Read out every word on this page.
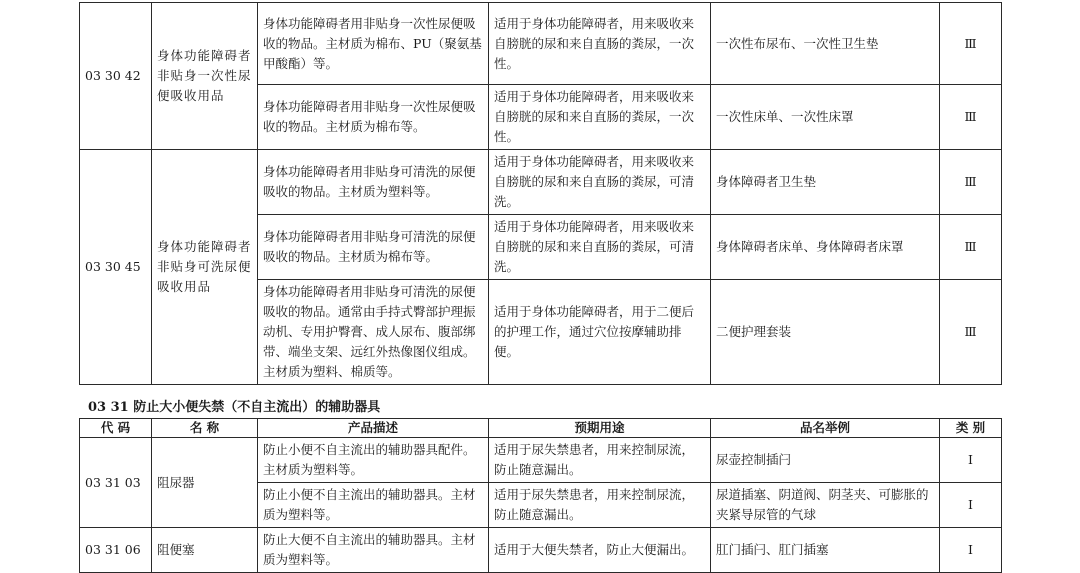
03 30 42	身体功能障碍者非贴身一次性尿便吸收用品	身体功能障碍者用非贴身一次性尿便吸收的物品。主材质为棉布、PU（聚氨基甲酸酯）等。	适用于身体功能障碍者，用来吸收来自膀胱的尿和来自直肠的粪尿，一次性。	一次性布尿布、一次性卫生垫	Ⅲ
		身体功能障碍者用非贴身一次性尿便吸收的物品。主材质为棉布等。	适用于身体功能障碍者，用来吸收来自膀胱的尿和来自直肠的粪尿，一次性。	一次性床单、一次性床罩	Ⅲ
03 30 45	身体功能障碍者非贴身可洗尿便吸收用品	身体功能障碍者用非贴身可清洗的尿便吸收的物品。主材质为塑料等。	适用于身体功能障碍者，用来吸收来自膀胱的尿和来自直肠的粪尿，可清洗。	身体障碍者卫生垫	Ⅲ
		身体功能障碍者用非贴身可清洗的尿便吸收的物品。主材质为棉布等。	适用于身体功能障碍者，用来吸收来自膀胱的尿和来自直肠的粪尿，可清洗。	身体障碍者床单、身体障碍者床罩	Ⅲ
		身体功能障碍者用非贴身可清洗的尿便吸收的物品。通常由手持式臀部护理振动机、专用护臀膏、成人尿布、腹部绑带、端坐支架、远红外热像图仪组成。主材质为塑料、棉质等。	适用于身体功能障碍者，用于二便后的护理工作，通过穴位按摩辅助排便。	二便护理套装	Ⅲ
03 31 防止大小便失禁（不自主流出）的辅助器具
代 码	名 称	产品描述	预期用途	品名举例	类 别
03 31 03	阻尿器	防止小便不自主流出的辅助器具配件。主材质为塑料等。	适用于尿失禁患者，用来控制尿流，防止随意漏出。	尿壶控制插闩	Ⅰ
		防止小便不自主流出的辅助器具。主材质为塑料等。	适用于尿失禁患者，用来控制尿流，防止随意漏出。	尿道插塞、阴道阀、阴茎夹、可膨胀的夹紧导尿管的气球	Ⅰ
03 31 06	阻便塞	防止大便不自主流出的辅助器具。主材质为塑料等。	适用于大便失禁者，防止大便漏出。	肛门插闩、肛门插塞	Ⅰ
